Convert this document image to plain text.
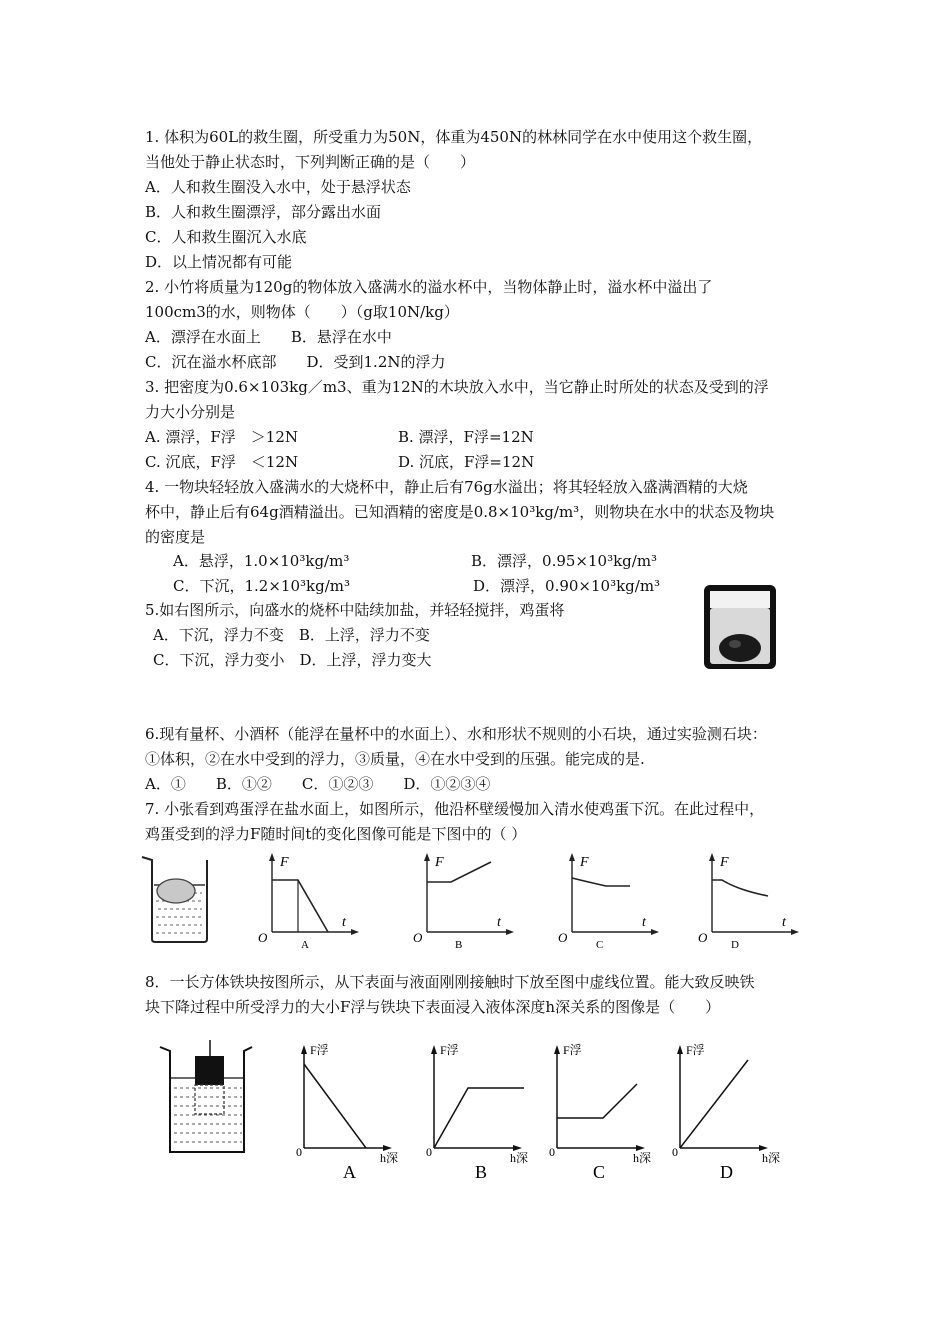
1. 体积为60L的救生圈，所受重力为50N，体重为450N的林林同学在水中使用这个救生圈，
当他处于静止状态时，下列判断正确的是（　　）
A．人和救生圈没入水中，处于悬浮状态
B．人和救生圈漂浮，部分露出水面
C．人和救生圈沉入水底
D．以上情况都有可能
2. 小竹将质量为120g的物体放入盛满水的溢水杯中，当物体静止时，溢水杯中溢出了
100cm3的水，则物体（　　）（g取10N/kg）
A．漂浮在水面上　　B．悬浮在水中
C．沉在溢水杯底部　　D．受到1.2N的浮力
3. 把密度为0.6×103kg／m3、重为12N的木块放入水中，当它静止时所处的状态及受到的浮
力大小分别是
A. 漂浮，F浮　＞12N	B. 漂浮，F浮=12N
C. 沉底，F浮　＜12N	D. 沉底，F浮=12N
4. 一物块轻轻放入盛满水的大烧杯中，静止后有76g水溢出；将其轻轻放入盛满酒精的大烧
杯中，静止后有64g酒精溢出。已知酒精的密度是0.8×10³kg/m³，则物块在水中的状态及物块
的密度是
A．悬浮，1.0×10³kg/m³	B．漂浮，0.95×10³kg/m³
C．下沉，1.2×10³kg/m³	D．漂浮，0.90×10³kg/m³
5.如右图所示，向盛水的烧杯中陆续加盐，并轻轻搅拌，鸡蛋将
A．下沉，浮力不变　B．上浮，浮力不变
C．下沉，浮力变小　D．上浮，浮力变大
6.现有量杯、小酒杯（能浮在量杯中的水面上）、水和形状不规则的小石块，通过实验测石块：
①体积，②在水中受到的浮力，③质量，④在水中受到的压强。能完成的是.
A．①　　B．①②　　C．①②③　　D．①②③④
7. 小张看到鸡蛋浮在盐水面上，如图所示，他沿杯壁缓慢加入清水使鸡蛋下沉。在此过程中，
鸡蛋受到的浮力F随时间t的变化图像可能是下图中的（ ）
F
t
O	A
F
t
O	B
F
t
O	C
F
t
O D
8．一长方体铁块按图所示，从下表面与液面刚刚接触时下放至图中虚线位置。能大致反映铁
块下降过程中所受浮力的大小F浮与铁块下表面浸入液体深度h深关系的图像是（　　）
F浮
h深
0
A
F浮
h深
0
B
F浮
h深
0
C
F浮
h深
0
D
